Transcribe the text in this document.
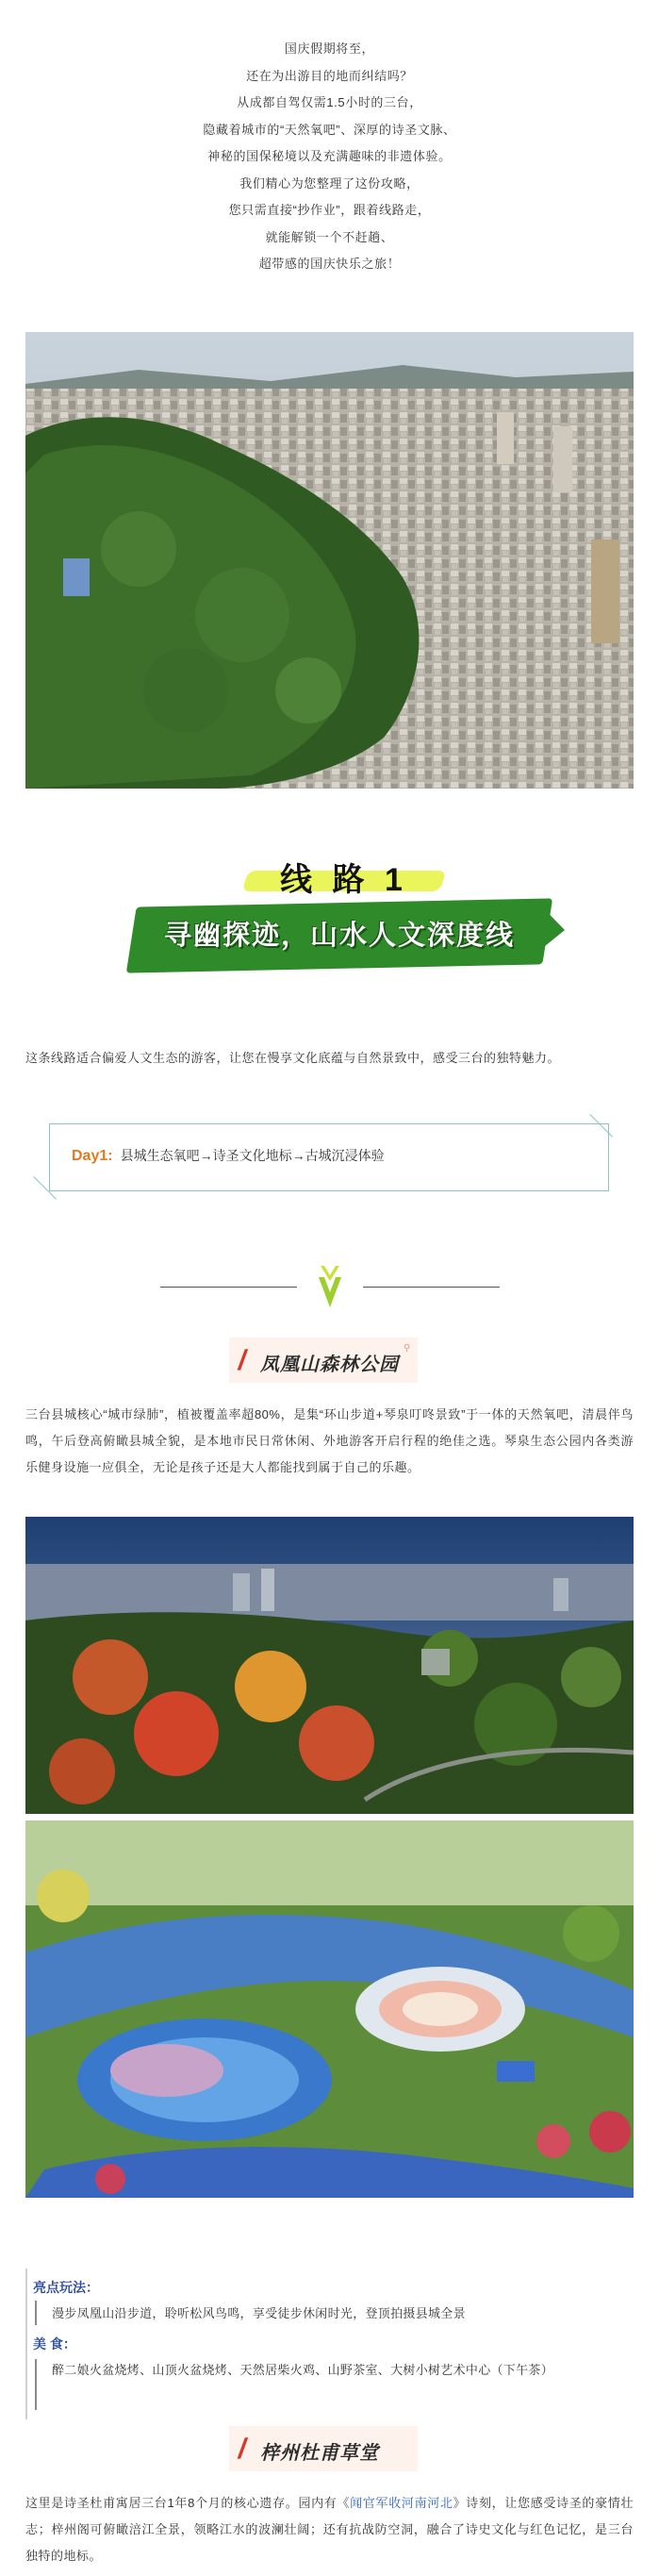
国庆假期将至，

还在为出游目的地而纠结吗？

从成都自驾仅需1.5小时的三台，

隐藏着城市的“天然氧吧”、深厚的诗圣文脉、

神秘的国保秘境以及充满趣味的非遗体验。

我们精心为您整理了这份攻略，

您只需直接“抄作业”，跟着线路走，

就能解锁一个不赶趟、

超带感的国庆快乐之旅！

线 路 1
寻幽探迹，山水人文深度线
这条线路适合偏爱人文生态的游客，让您在慢享文化底蕴与自然景致中，感受三台的独特魅力。
Day1: 县城生态氧吧→诗圣文化地标→古城沉浸体验
/ 凤凰山森林公园
⚲
三台县城核心“城市绿肺”，植被覆盖率超80%，是集“环山步道+琴泉叮咚景致”于一体的天然氧吧，清晨伴鸟鸣，午后登高俯瞰县城全貌，是本地市民日常休闲、外地游客开启行程的绝佳之选。琴泉生态公园内各类游乐健身设施一应俱全，无论是孩子还是大人都能找到属于自己的乐趣。
亮点玩法：
漫步凤凰山沿步道，聆听松风鸟鸣，享受徒步休闲时光，登顶拍摄县城全景
美 食：
醉二娘火盆烧烤、山顶火盆烧烤、天然居柴火鸡、山野茶室、大树小树艺术中心（下午茶）
/ 梓州杜甫草堂
这里是诗圣杜甫寓居三台1年8个月的核心遗存。园内有《闻官军收河南河北》诗刻，让您感受诗圣的豪情壮志；梓州阁可俯瞰涪江全景，领略江水的波澜壮阔；还有抗战防空洞，融合了诗史文化与红色记忆，是三台独特的地标。
